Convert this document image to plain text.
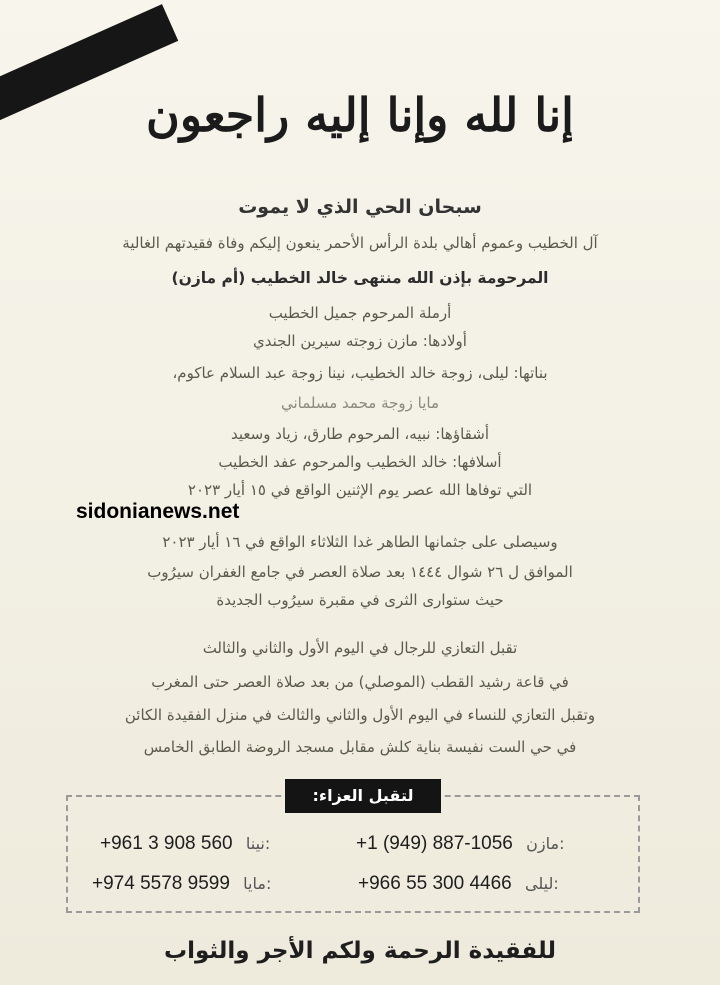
إنا لله وإنا إليه راجعون
سبحان الحي الذي لا يموت
آل الخطيب وعموم أهالي بلدة الرأس الأحمر ينعون إليكم وفاة فقيدتهم الغالية
المرحومة بإذن الله منتهى خالد الخطيب (أم مازن)
أرملة المرحوم جميل الخطيب
أولادها: مازن زوجته سيرين الجندي
بناتها: ليلى، زوجة خالد الخطيب، نينا زوجة عبد السلام عاكوم،
مايا زوجة محمد مسلماني
أشقاؤها: نبيه، المرحوم طارق، زياد وسعيد
أسلافها: خالد الخطيب والمرحوم عفد الخطيب
التي توفاها الله عصر يوم الإثنين الواقع في ١٥ أيار ٢٠٢٣
sidonianews.net
وسيصلى على جثمانها الطاهر غدا الثلاثاء الواقع في ١٦ أيار ٢٠٢٣
الموافق ل ٢٦ شوال ١٤٤٤ بعد صلاة العصر في جامع الغفران سيرُوب
حيث ستوارى الثرى في مقبرة سيرُوب الجديدة
تقبل التعازي للرجال في اليوم الأول والثاني والثالث
في قاعة رشيد القطب (الموصلي) من بعد صلاة العصر حتى المغرب
وتقبل التعازي للنساء في اليوم الأول والثاني والثالث في منزل الفقيدة الكائن
في حي الست نفيسة بناية كلش مقابل مسجد الروضة الطابق الخامس
لتقبل العزاء:
+1 (949) 887-1056 مازن:
+961 3 908 560 نينا:
+966 55 300 4466 ليلى:
+974 5578 9599 مايا:
للفقيدة الرحمة ولكم الأجر والثواب
